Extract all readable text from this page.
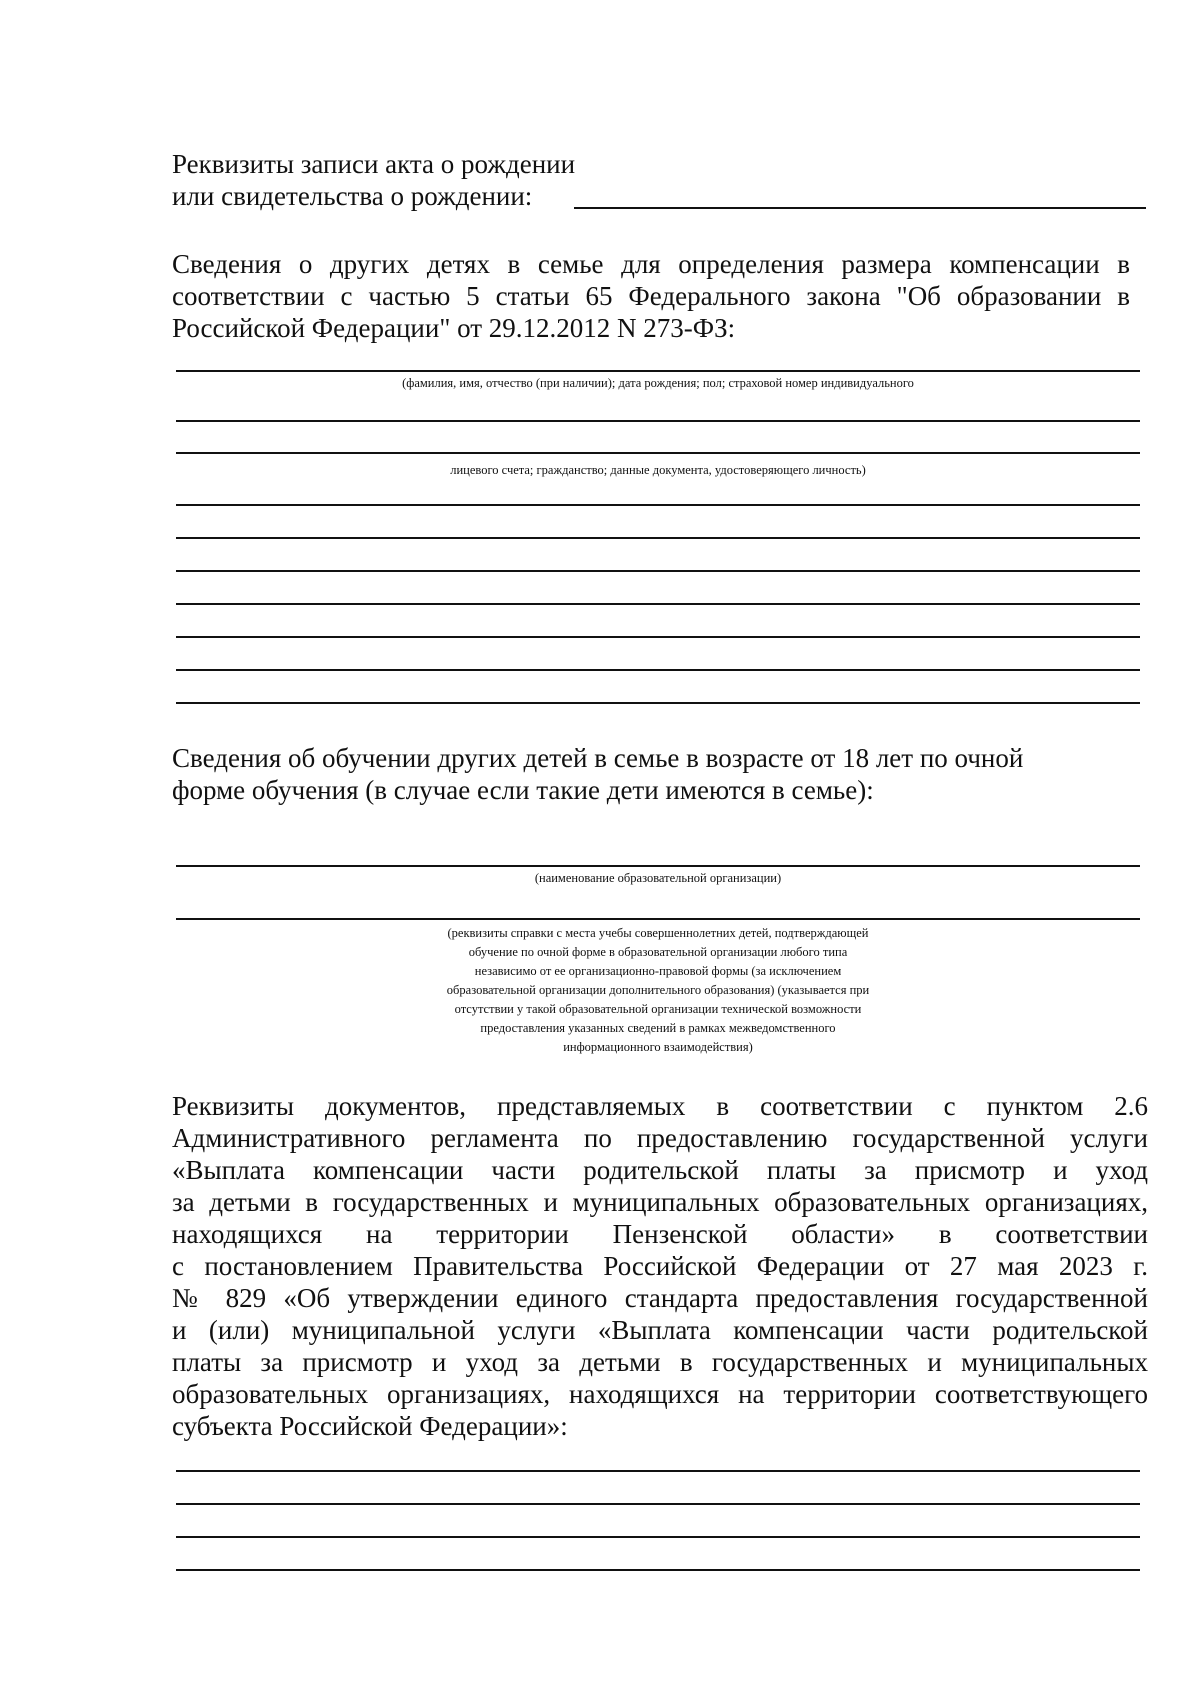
Реквизиты записи акта о рождении
или свидетельства о рождении:
Сведения о других детях в семье для определения размера компенсации в
соответствии с частью 5 статьи 65 Федерального закона "Об образовании в
Российской Федерации" от 29.12.2012 N 273-ФЗ:
(фамилия, имя, отчество (при наличии); дата рождения; пол; страховой номер индивидуального
лицевого счета; гражданство; данные документа, удостоверяющего личность)
Сведения об обучении других детей в семье в возрасте от 18 лет по очной
форме обучения (в случае если такие дети имеются в семье):
(наименование образовательной организации)
(реквизиты справки с места учебы совершеннолетних детей, подтверждающей
обучение по очной форме в образовательной организации любого типа
независимо от ее организационно-правовой формы (за исключением
образовательной организации дополнительного образования) (указывается при
отсутствии у такой образовательной организации технической возможности
предоставления указанных сведений в рамках межведомственного
информационного взаимодействия)
Реквизиты документов, представляемых в соответствии с пунктом 2.6
Административного регламента по предоставлению государственной услуги
«Выплата компенсации части родительской платы за присмотр и уход
за детьми в государственных и муниципальных образовательных организациях,
находящихся на территории Пензенской области» в соответствии
с постановлением Правительства Российской Федерации от 27 мая 2023 г.
№ 829 «Об утверждении единого стандарта предоставления государственной
и (или) муниципальной услуги «Выплата компенсации части родительской
платы за присмотр и уход за детьми в государственных и муниципальных
образовательных организациях, находящихся на территории соответствующего
субъекта Российской Федерации»:
